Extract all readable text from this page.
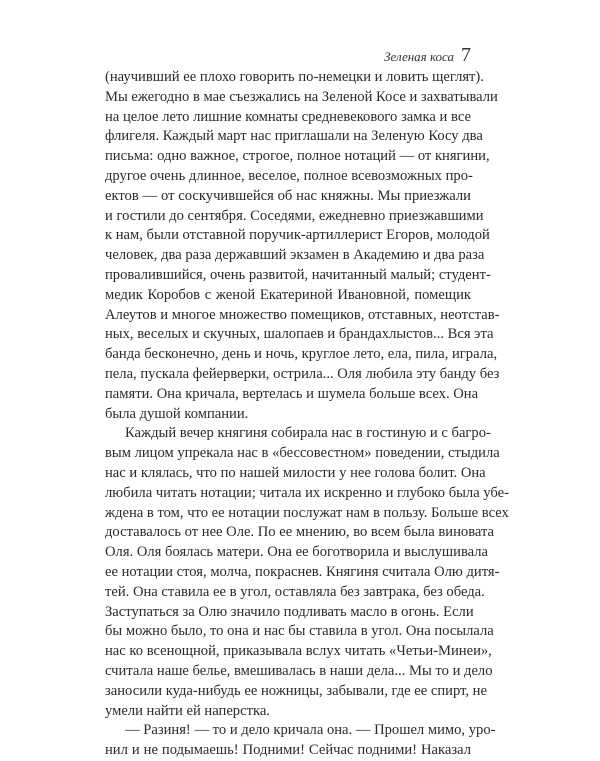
Зеленая коса 7
(научивший ее плохо говорить по-немецки и ловить щеглят).
Мы ежегодно в мае съезжались на Зеленой Косе и захватывали
на целое лето лишние комнаты средневекового замка и все
флигеля. Каждый март нас приглашали на Зеленую Косу два
письма: одно важное, строгое, полное нотаций — от княгини,
другое очень длинное, веселое, полное всевозможных про-
ектов — от соскучившейся об нас княжны. Мы приезжали
и гостили до сентября. Соседями, ежедневно приезжавшими
к нам, были отставной поручик-артиллерист Егоров, молодой
человек, два раза державший экзамен в Академию и два раза
провалившийся, очень развитой, начитанный малый; студент-
медик Коробов с женой Екатериной Ивановной, помещик
Алеутов и многое множество помещиков, отставных, неотстав-
ных, веселых и скучных, шалопаев и брандахлыстов... Вся эта
банда бесконечно, день и ночь, круглое лето, ела, пила, играла,
пела, пускала фейерверки, острила... Оля любила эту банду без
памяти. Она кричала, вертелась и шумела больше всех. Она
была душой компании.
Каждый вечер княгиня собирала нас в гостиную и с багро-
вым лицом упрекала нас в «бессовестном» поведении, стыдила
нас и клялась, что по нашей милости у нее голова болит. Она
любила читать нотации; читала их искренно и глубоко была убе-
ждена в том, что ее нотации послужат нам в пользу. Больше всех
доставалось от нее Оле. По ее мнению, во всем была виновата
Оля. Оля боялась матери. Она ее боготворила и выслушивала
ее нотации стоя, молча, покраснев. Княгиня считала Олю дитя-
тей. Она ставила ее в угол, оставляла без завтрака, без обеда.
Заступаться за Олю значило подливать масло в огонь. Если
бы можно было, то она и нас бы ставила в угол. Она посылала
нас ко всенощной, приказывала вслух читать «Четьи-Минеи»,
считала наше белье, вмешивалась в наши дела... Мы то и дело
заносили куда-нибудь ее ножницы, забывали, где ее спирт, не
умели найти ей наперстка.
— Разиня! — то и дело кричала она. — Прошел мимо, уро-
нил и не подымаешь! Подними! Сейчас подними! Наказал
